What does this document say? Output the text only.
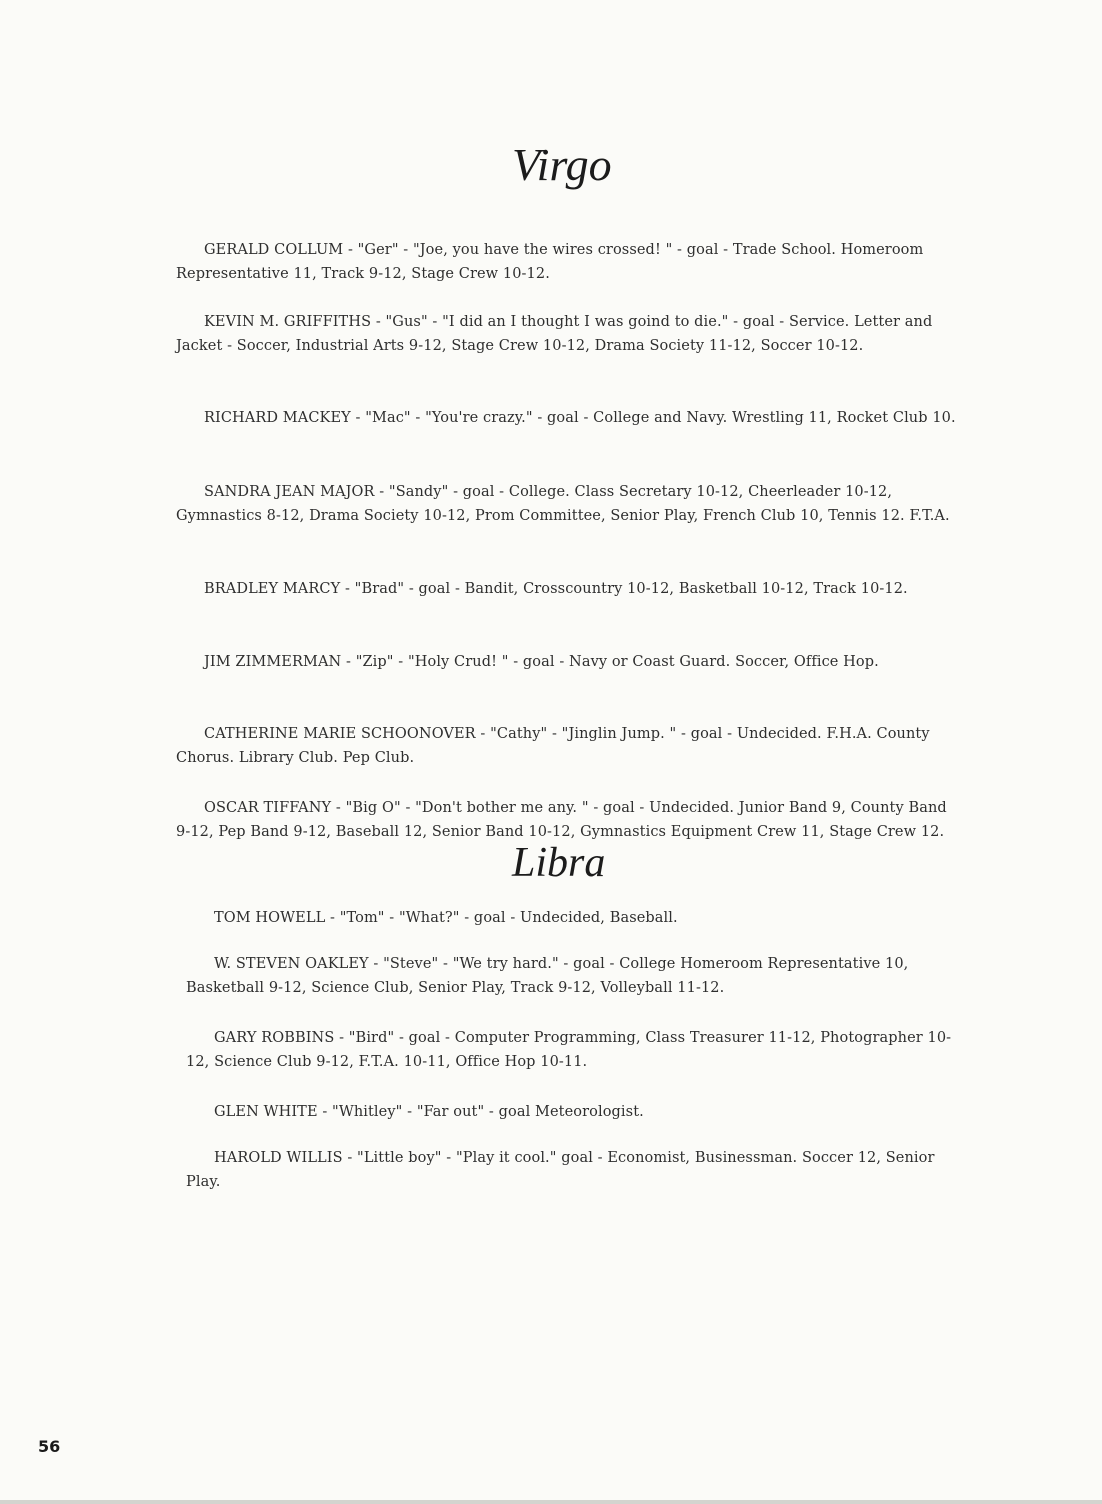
Virgo

GERALD COLLUM - "Ger" - "Joe, you have the wires crossed! " - goal - Trade School. Homeroom Representative 11, Track 9-12, Stage Crew 10-12.

KEVIN M. GRIFFITHS - "Gus" - "I did an I thought I was goind to die." - goal - Service. Letter and Jacket - Soccer, Industrial Arts 9-12, Stage Crew 10-12, Drama Society 11-12, Soccer 10-12.

RICHARD MACKEY - "Mac" - "You're crazy." - goal - College and Navy. Wrestling 11, Rocket Club 10.

SANDRA JEAN MAJOR - "Sandy" - goal - College. Class Secretary 10-12, Cheerleader 10-12, Gymnastics 8-12, Drama Society 10-12, Prom Committee, Senior Play, French Club 10, Tennis 12. F.T.A.

BRADLEY MARCY - "Brad" - goal - Bandit, Crosscountry 10-12, Basketball 10-12, Track 10-12.

JIM ZIMMERMAN - "Zip" - "Holy Crud! " - goal - Navy or Coast Guard. Soccer, Office Hop.

CATHERINE MARIE SCHOONOVER - "Cathy" - "Jinglin Jump. " - goal - Undecided. F.H.A. County Chorus. Library Club. Pep Club.

OSCAR TIFFANY - "Big O" - "Don't bother me any. " - goal - Undecided. Junior Band 9, County Band 9-12, Pep Band 9-12, Baseball 12, Senior Band 10-12, Gymnastics Equipment Crew 11, Stage Crew 12.

Libra

TOM HOWELL - "Tom" - "What?" - goal - Undecided, Baseball.

W. STEVEN OAKLEY - "Steve" - "We try hard." - goal - College Homeroom Representative 10, Basketball 9-12, Science Club, Senior Play, Track 9-12, Volleyball 11-12.

GARY ROBBINS - "Bird" - goal - Computer Programming, Class Treasurer 11-12, Photographer 10-12, Science Club 9-12, F.T.A. 10-11, Office Hop 10-11.

GLEN WHITE - "Whitley" - "Far out" - goal Meteorologist.

HAROLD WILLIS - "Little boy" - "Play it cool." goal - Economist, Businessman. Soccer 12, Senior Play.

56
